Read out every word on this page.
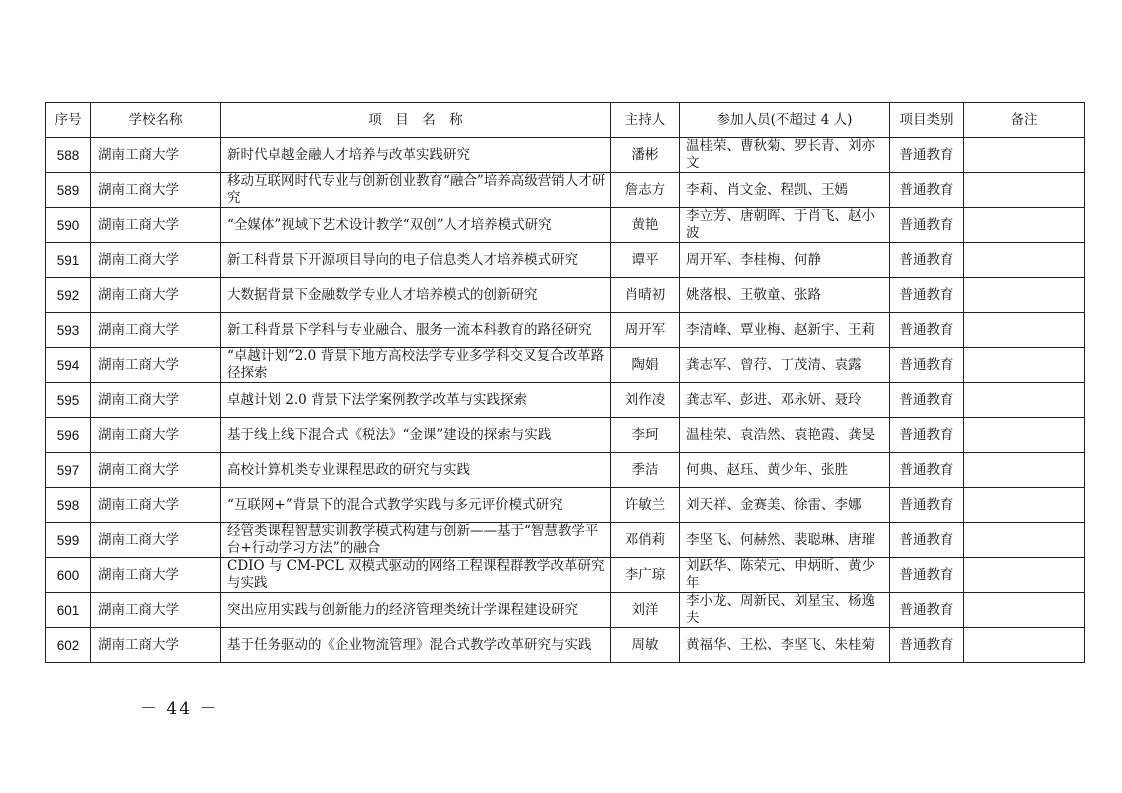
序号	学校名称	项　目　名　称	主持人	参加人员(不超过 4 人)	项目类别	备注
588	湖南工商大学	新时代卓越金融人才培养与改革实践研究	潘彬	温桂荣、曹秋菊、罗长青、刘亦文	普通教育	
589	湖南工商大学	移动互联网时代专业与创新创业教育“融合”培养高级营销人才研究	詹志方	李莉、肖文金、程凯、王嫣	普通教育	
590	湖南工商大学	“全媒体”视域下艺术设计教学“双创”人才培养模式研究	黄艳	李立芳、唐朝晖、于肖飞、赵小波	普通教育	
591	湖南工商大学	新工科背景下开源项目导向的电子信息类人才培养模式研究	谭平	周开军、李桂梅、何静	普通教育	
592	湖南工商大学	大数据背景下金融数学专业人才培养模式的创新研究	肖晴初	姚落根、王敬童、张路	普通教育	
593	湖南工商大学	新工科背景下学科与专业融合、服务一流本科教育的路径研究	周开军	李清峰、覃业梅、赵新宇、王莉	普通教育	
594	湖南工商大学	“卓越计划”2.0 背景下地方高校法学专业多学科交叉复合改革路径探索	陶娟	龚志军、曾荇、丁茂清、袁露	普通教育	
595	湖南工商大学	卓越计划 2.0 背景下法学案例教学改革与实践探索	刘作凌	龚志军、彭进、邓永妍、聂玲	普通教育	
596	湖南工商大学	基于线上线下混合式《税法》“金课”建设的探索与实践	李珂	温桂荣、袁浩然、袁艳霞、龚旻	普通教育	
597	湖南工商大学	高校计算机类专业课程思政的研究与实践	季洁	何典、赵珏、黄少年、张胜	普通教育	
598	湖南工商大学	“互联网+”背景下的混合式教学实践与多元评价模式研究	许敏兰	刘天祥、金赛美、徐雷、李娜	普通教育	
599	湖南工商大学	经管类课程智慧实训教学模式构建与创新——基于“智慧教学平台+行动学习方法”的融合	邓俏莉	李坚飞、何赫然、裴聪琳、唐璀	普通教育	
600	湖南工商大学	CDIO 与 CM-PCL 双模式驱动的网络工程课程群教学改革研究与实践	李广琼	刘跃华、陈荣元、申炳昕、黄少年	普通教育	
601	湖南工商大学	突出应用实践与创新能力的经济管理类统计学课程建设研究	刘洋	李小龙、周新民、刘星宝、杨逸夫	普通教育	
602	湖南工商大学	基于任务驱动的《企业物流管理》混合式教学改革研究与实践	周敏	黄福华、王松、李坚飞、朱桂菊	普通教育	
－ 44 －
